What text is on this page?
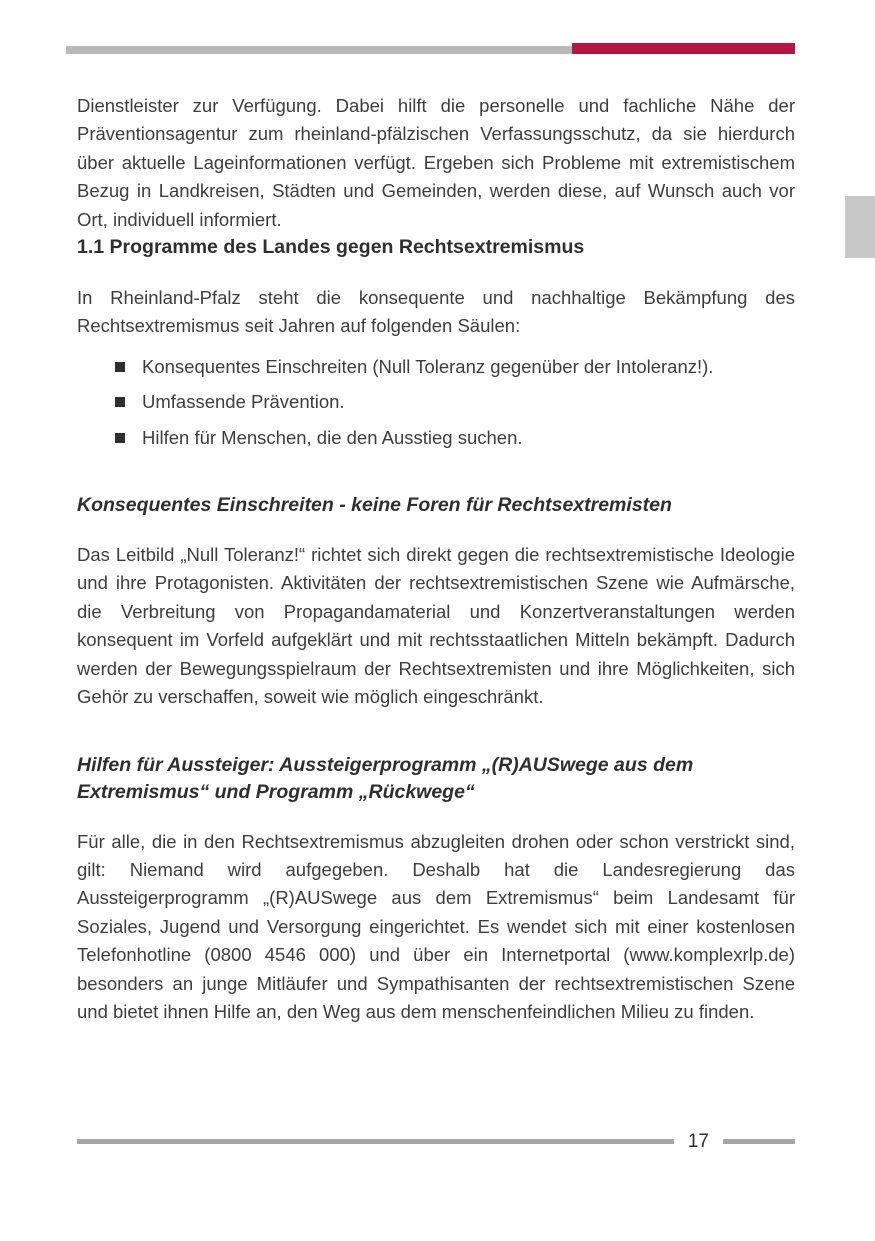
Dienstleister zur Verfügung. Dabei hilft die personelle und fachliche Nähe der Präventionsagentur zum rheinland-pfälzischen Verfassungsschutz, da sie hierdurch über aktuelle Lageinformationen verfügt. Ergeben sich Probleme mit extremistischem Bezug in Landkreisen, Städten und Gemeinden, werden diese, auf Wunsch auch vor Ort, individuell informiert.

1.1 Programme des Landes gegen Rechtsextremismus

In Rheinland-Pfalz steht die konsequente und nachhaltige Bekämpfung des Rechtsextremismus seit Jahren auf folgenden Säulen:

Konsequentes Einschreiten (Null Toleranz gegenüber der Intoleranz!).
Umfassende Prävention.
Hilfen für Menschen, die den Ausstieg suchen.
Konsequentes Einschreiten - keine Foren für Rechtsextremisten

Das Leitbild „Null Toleranz!“ richtet sich direkt gegen die rechtsextremistische Ideologie und ihre Protagonisten. Aktivitäten der rechtsextremistischen Szene wie Aufmärsche, die Verbreitung von Propagandamaterial und Konzertveranstaltungen werden konsequent im Vorfeld aufgeklärt und mit rechtsstaatlichen Mitteln bekämpft. Dadurch werden der Bewegungsspielraum der Rechtsextremisten und ihre Möglichkeiten, sich Gehör zu verschaffen, soweit wie möglich eingeschränkt.

Hilfen für Aussteiger: Aussteigerprogramm „(R)AUSwege aus dem Extremismus“ und Programm „Rückwege“

Für alle, die in den Rechtsextremismus abzugleiten drohen oder schon verstrickt sind, gilt: Niemand wird aufgegeben. Deshalb hat die Landesregierung das Aussteigerprogramm „(R)AUSwege aus dem Extremismus“ beim Landesamt für Soziales, Jugend und Versorgung eingerichtet. Es wendet sich mit einer kostenlosen Telefonhotline (0800 4546 000) und über ein Internetportal (www.komplexrlp.de) besonders an junge Mitläufer und Sympathisanten der rechtsextremistischen Szene und bietet ihnen Hilfe an, den Weg aus dem menschenfeindlichen Milieu zu finden.

17
